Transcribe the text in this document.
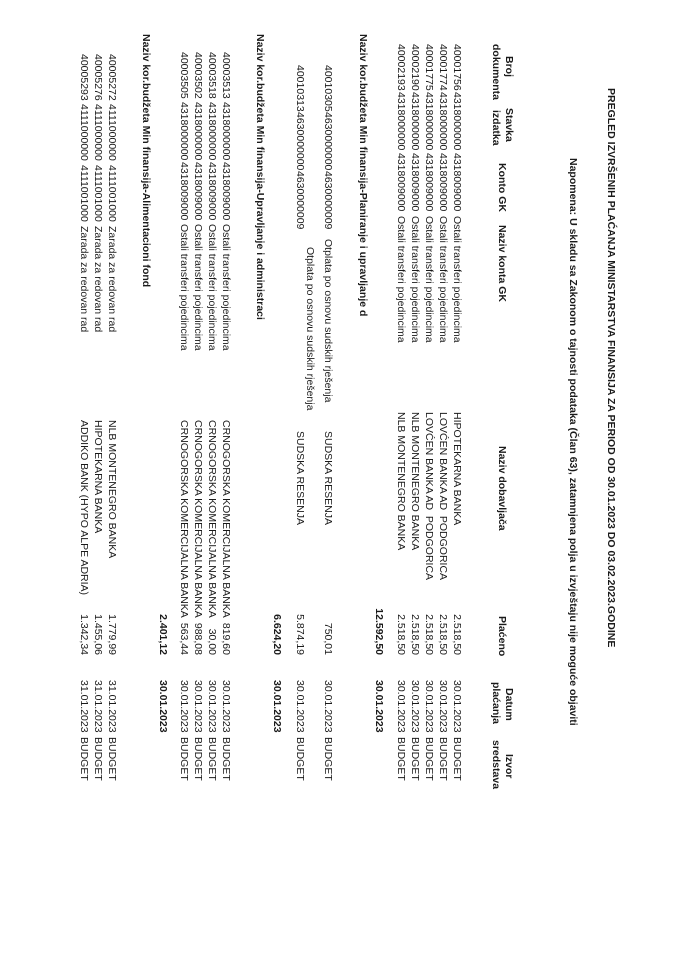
PREGLED IZVRŠENIH PLAĆANJA MINISTARSTVA FINANSIJA ZA PERIOD OD 30.01.2023 DO 03.02.2023.GODINE
Napomena: U skladu sa Zakonom o tajnosti podataka (Član 63), zatamnjena polja u izvještaju nije moguće objaviti
Broj
dokumenta
Stavka
izdatka
Konto GK
Naziv konta GK
Naziv dobavljača
Plaćeno
Datum
plaćanja
Izvor
sredstava
40001756
4318000000
4318009000
Ostali transferi pojedincima
HIPOTEKARNA BANKA
2.518,50
30.01.2023
BUDGET
40001774
4318000000
4318009000
Ostali transferi pojedincima
LOVĆEN BANKA AD  PODGORICA
2.518,50
30.01.2023
BUDGET
40001775
4318000000
4318009000
Ostali transferi pojedincima
LOVĆEN BANKA AD  PODGORICA
2.518,50
30.01.2023
BUDGET
40002190
4318000000
4318009000
Ostali transferi pojedincima
NLB MONTENEGRO BANKA
2.518,50
30.01.2023
BUDGET
40002193
4318000000
4318009000
Ostali transferi pojedincima
NLB MONTENEGRO BANKA
2.518,50
30.01.2023
BUDGET
12.592,50
30.01.2023
Naziv kor.budžeta Min finansija-Planiranje i upravljanje d
40010305
4630000000
4630000009
Otplata po osnovu sudskih rješenja
SUDSKA RESENJA
750,01
30.01.2023
BUDGET
40010313
4630000000
4630000009
Otplata po osnovu sudskih rješenja
SUDSKA RESENJA
5.874,19
30.01.2023
BUDGET
6.624,20
30.01.2023
Naziv kor.budžeta Min finansija-Upravljanje i administraci
40003513
4318000000
4318009000
Ostali transferi pojedincima
CRNOGORSKA KOMERCIJALNA BANKA
819,60
30.01.2023
BUDGET
40003518
4318000000
4318009000
Ostali transferi pojedincima
CRNOGORSKA KOMERCIJALNA BANKA
30,00
30.01.2023
BUDGET
40003502
4318000000
4318009000
Ostali transferi pojedincima
CRNOGORSKA KOMERCIJALNA BANKA
988,08
30.01.2023
BUDGET
40003505
4318000000
4318009000
Ostali transferi pojedincima
CRNOGORSKA KOMERCIJALNA BANKA
563,44
30.01.2023
BUDGET
2.401,12
30.01.2023
Naziv kor.budžeta Min finansija-Alimentacioni fond
40005272
4111000000
4111001000
Zarada za redovan rad
NLB MONTENEGRO BANKA
1.779,99
31.01.2023
BUDGET
40005276
4111000000
4111001000
Zarada za redovan rad
HIPOTEKARNA BANKA
1.455,06
31.01.2023
BUDGET
40005293
4111000000
4111001000
Zarada za redovan rad
ADDIKO BANK (HYPO ALPE ADRIA)
1.342,34
31.01.2023
BUDGET
